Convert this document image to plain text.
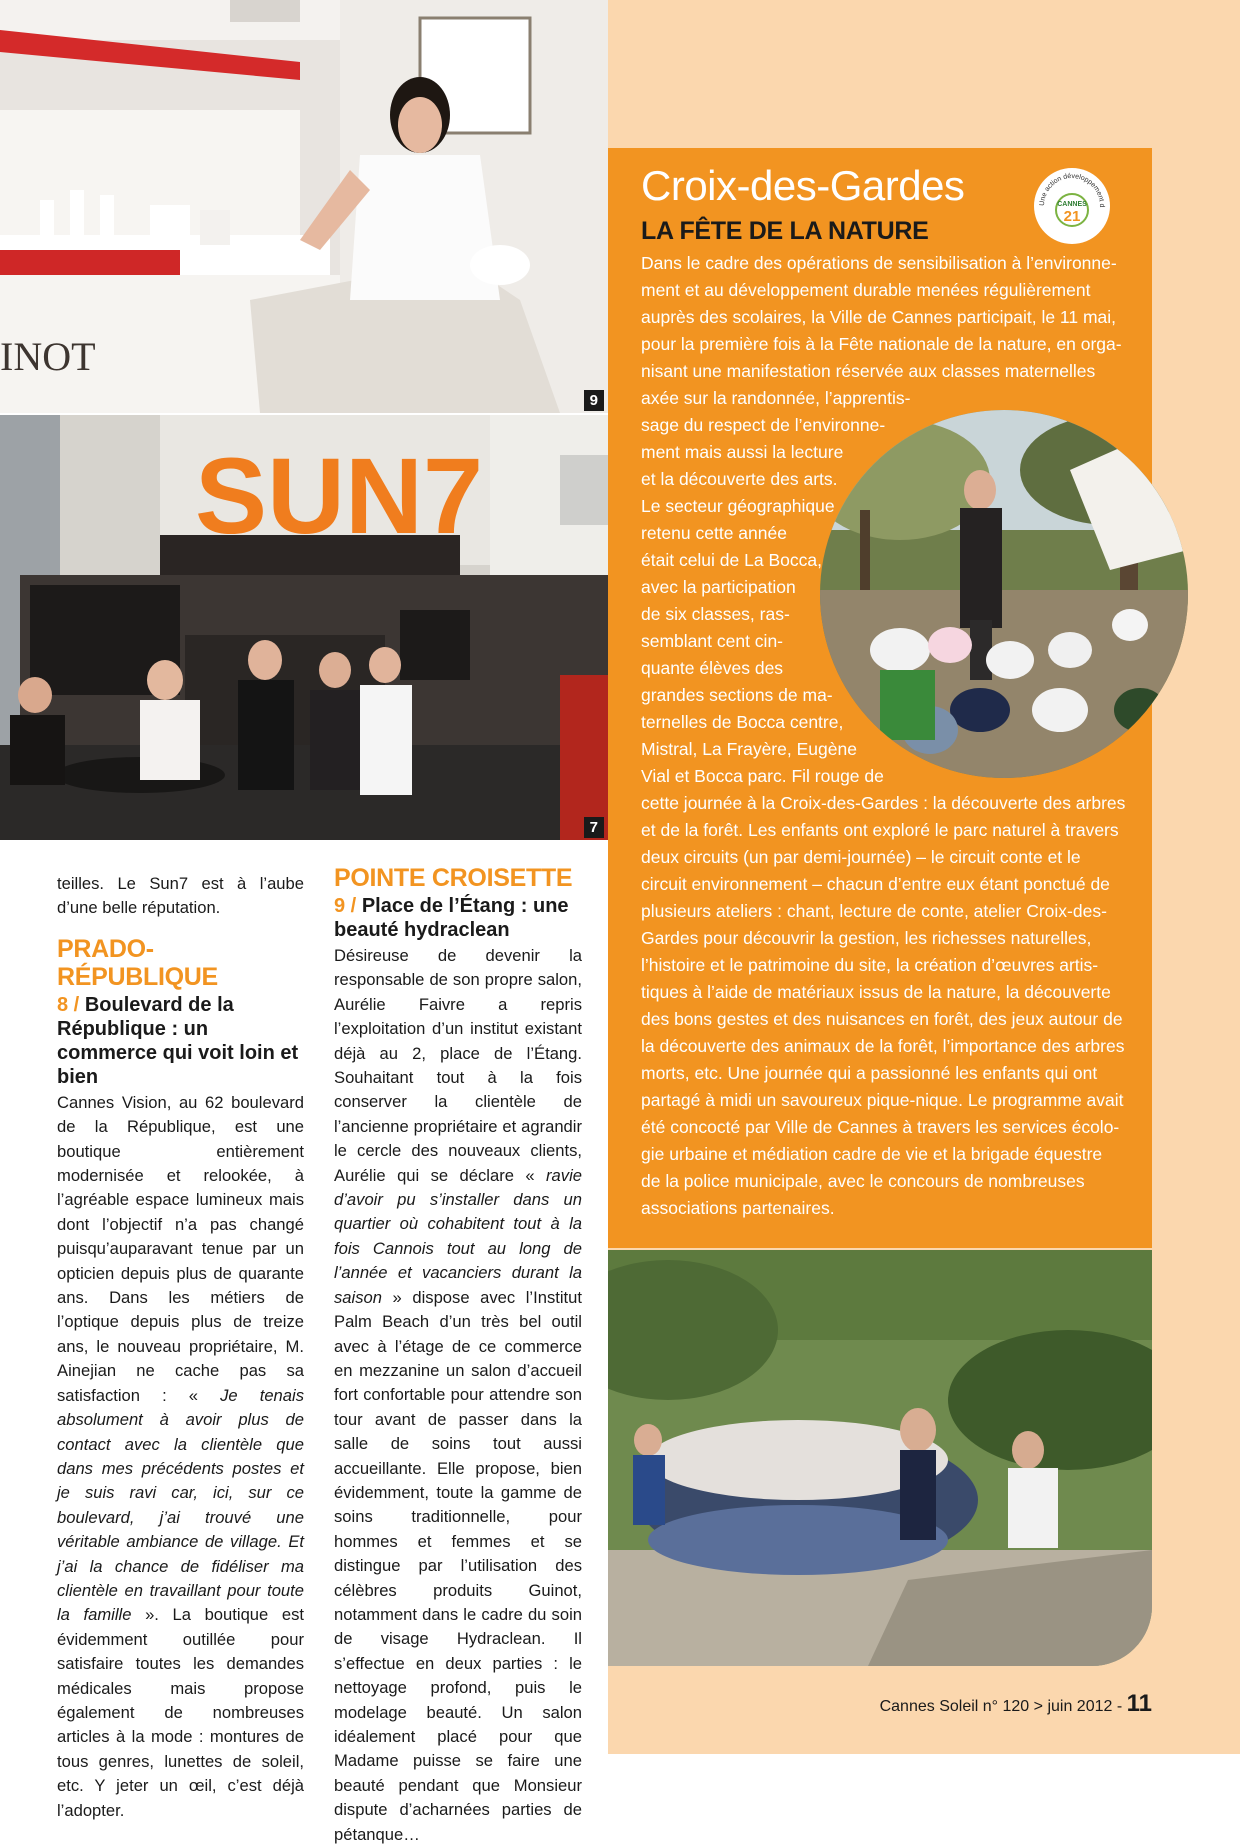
INOT
9
SUN7
7
Croix-des-Gardes
LA FÊTE DE LA NATURE
Une action développement d
CANNES
21
Dans le cadre des opérations de sensibilisation à l’environne-
ment et au développement durable menées régulièrement
auprès des scolaires, la Ville de Cannes participait, le 11 mai,
pour la première fois à la Fête nationale de la nature, en orga-
nisant une manifestation réservée aux classes maternelles
axée sur la randonnée, l’apprentis-
sage du respect de l’environne-
ment mais aussi la lecture
et la découverte des arts.
Le secteur géographique
retenu cette année
était celui de La Bocca,
avec la participation
de six classes, ras-
semblant cent cin-
quante élèves des
grandes sections de ma-
ternelles de Bocca centre,
Mistral, La Frayère, Eugène
Vial et Bocca parc. Fil rouge de
cette journée à la Croix-des-Gardes : la découverte des arbres
et de la forêt. Les enfants ont exploré le parc naturel à travers
deux circuits (un par demi-journée) – le circuit conte et le
circuit environnement – chacun d’entre eux étant ponctué de
plusieurs ateliers : chant, lecture de conte, atelier Croix-des-
Gardes pour découvrir la gestion, les richesses naturelles,
l’histoire et le patrimoine du site, la création d’œuvres artis-
tiques à l’aide de matériaux issus de la nature, la découverte
des bons gestes et des nuisances en forêt, des jeux autour de
la découverte des animaux de la forêt, l’importance des arbres
morts, etc. Une journée qui a passionné les enfants qui ont
partagé à midi un savoureux pique-nique. Le programme avait
été concocté par Ville de Cannes à travers les services écolo-
gie urbaine et médiation cadre de vie et la brigade équestre
de la police municipale, avec le concours de nombreuses
associations partenaires.

teilles. Le Sun7 est à l’aube d’une belle réputation.

PRADO-RÉPUBLIQUE
8 / Boulevard de la République : un commerce qui voit loin et bien

Cannes Vision, au 62 boulevard de la République, est une boutique entièrement modernisée et relookée, à l’agréable espace lumineux mais dont l’objectif n’a pas changé puisqu’auparavant tenue par un opticien depuis plus de quarante ans. Dans les métiers de l’optique depuis plus de treize ans, le nouveau propriétaire, M. Ainejian ne cache pas sa satisfaction : « Je tenais absolument à avoir plus de contact avec la clientèle que dans mes précédents postes et je suis ravi car, ici, sur ce boulevard, j’ai trouvé une véritable ambiance de village. Et j’ai la chance de fidéliser ma clientèle en travaillant pour toute la famille ». La boutique est évidemment outillée pour satisfaire toutes les demandes médicales mais propose également de nombreuses articles à la mode : montures de tous genres, lunettes de soleil, etc. Y jeter un œil, c’est déjà l’adopter.

POINTE CROISETTE
9 / Place de l’Étang : une beauté hydraclean

Désireuse de devenir la responsable de son propre salon, Aurélie Faivre a repris l’exploitation d’un institut existant déjà au 2, place de l’Étang. Souhaitant tout à la fois conserver la clientèle de l’ancienne propriétaire et agrandir le cercle des nouveaux clients, Aurélie qui se déclare « ravie d’avoir pu s’installer dans un quartier où cohabitent tout à la fois Cannois tout au long de l’année et vacanciers durant la saison » dispose avec l’Institut Palm Beach d’un très bel outil avec à l’étage de ce commerce en mezzanine un salon d’accueil fort confortable pour attendre son tour avant de passer dans la salle de soins tout aussi accueillante. Elle propose, bien évidemment, toute la gamme de soins traditionnelle, pour hommes et femmes et se distingue par l’utilisation des célèbres produits Guinot, notamment dans le cadre du soin de visage Hydraclean. Il s’effectue en deux parties : le nettoyage profond, puis le modelage beauté. Un salon idéalement placé pour que Madame puisse se faire une beauté pendant que Monsieur dispute d’acharnées parties de pétanque…

Cannes Soleil n° 120 > juin 2012 - 11
